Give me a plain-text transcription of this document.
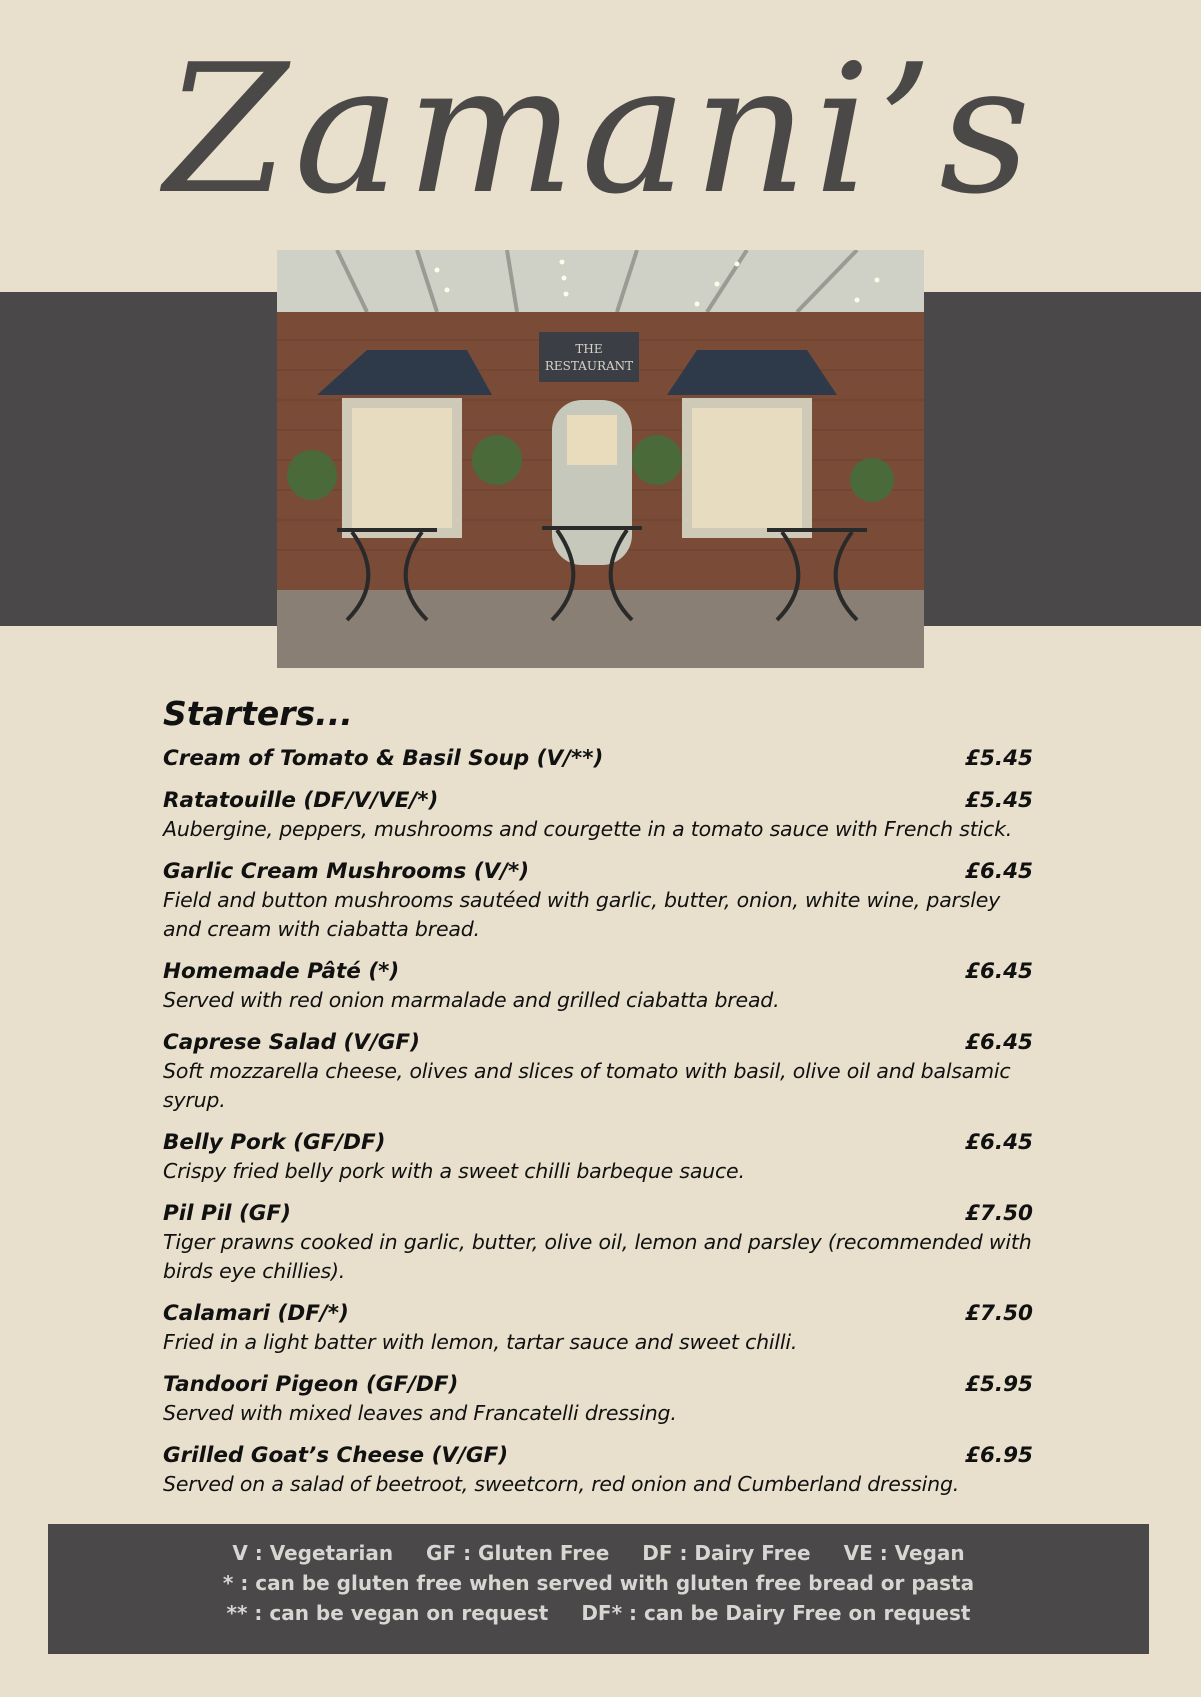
Zamani’s
THE
RESTAURANT
Starters...
Cream of Tomato & Basil Soup (V/**)	£5.45
Ratatouille (DF/V/VE/*)	£5.45
Aubergine, peppers, mushrooms and courgette in a tomato sauce with French stick.
Garlic Cream Mushrooms (V/*)	£6.45
Field and button mushrooms sautéed with garlic, butter, onion, white wine, parsley and cream with ciabatta bread.
Homemade Pâté (*)	£6.45
Served with red onion marmalade and grilled ciabatta bread.
Caprese Salad (V/GF)	£6.45
Soft mozzarella cheese, olives and slices of tomato with basil, olive oil and balsamic syrup.
Belly Pork (GF/DF)	£6.45
Crispy fried belly pork with a sweet chilli barbeque sauce.
Pil Pil (GF)	£7.50
Tiger prawns cooked in garlic, butter, olive oil, lemon and parsley (recommended with birds eye chillies).
Calamari (DF/*)	£7.50
Fried in a light batter with lemon, tartar sauce and sweet chilli.
Tandoori Pigeon (GF/DF)	£5.95
Served with mixed leaves and Francatelli dressing.
Grilled Goat’s Cheese (V/GF)	£6.95
Served on a salad of beetroot, sweetcorn, red onion and Cumberland dressing.
V : Vegetarian GF : Gluten Free DF : Dairy Free VE : Vegan
* : can be gluten free when served with gluten free bread or pasta
** : can be vegan on request DF* : can be Dairy Free on request
